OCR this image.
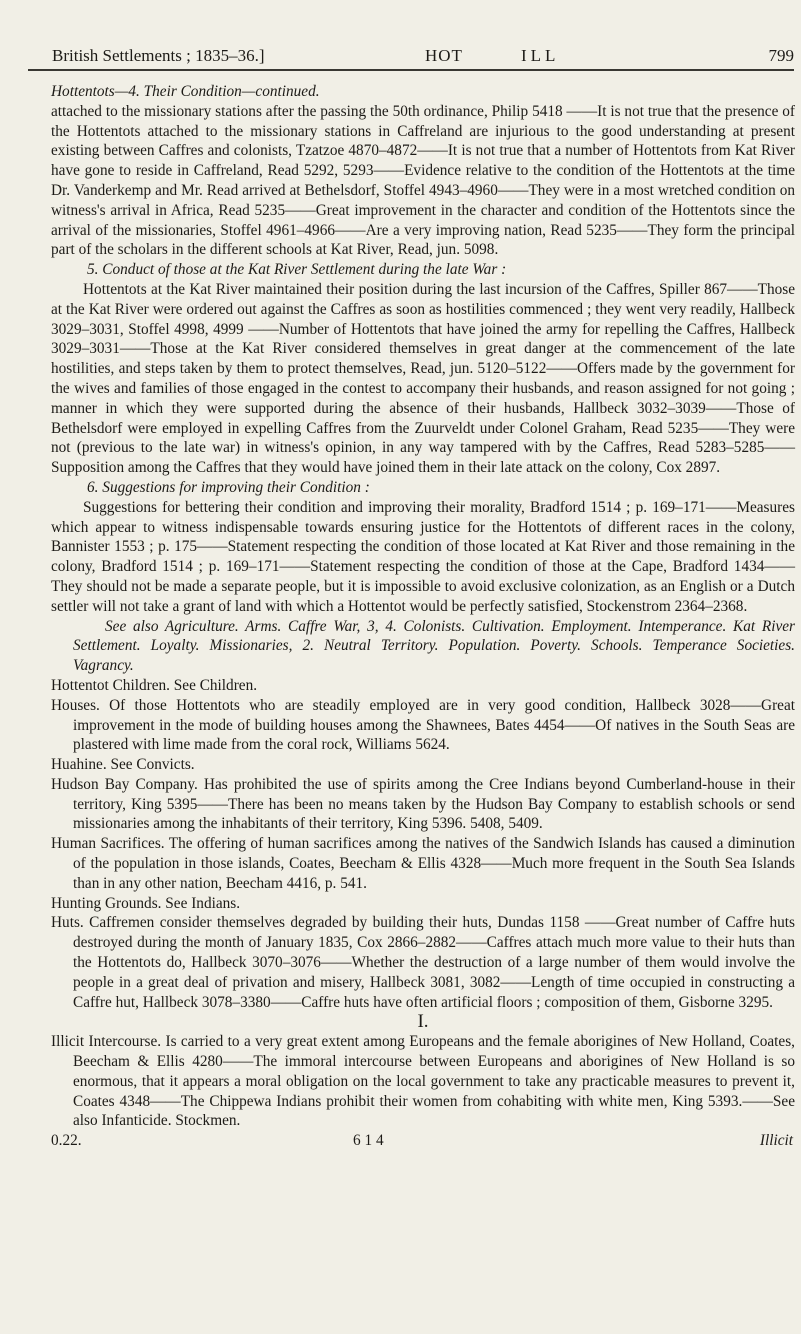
British Settlements ; 1835–36.]	HOT	ILL	799

Hottentots—4. Their Condition—continued.

attached to the missionary stations after the passing the 50th ordinance, Philip 5418 ——It is not true that the presence of the Hottentots attached to the missionary stations in Caffreland are injurious to the good understanding at present existing between Caffres and colonists, Tzatzoe 4870–4872——It is not true that a number of Hottentots from Kat River have gone to reside in Caffreland, Read 5292, 5293——Evidence relative to the condition of the Hottentots at the time Dr. Vanderkemp and Mr. Read arrived at Bethelsdorf, Stoffel 4943–4960——They were in a most wretched condition on witness's arrival in Africa, Read 5235——Great improvement in the character and condition of the Hottentots since the arrival of the missionaries, Stoffel 4961–4966——Are a very improving nation, Read 5235——They form the principal part of the scholars in the different schools at Kat River, Read, jun. 5098.

5. Conduct of those at the Kat River Settlement during the late War :

Hottentots at the Kat River maintained their position during the last incursion of the Caffres, Spiller 867——Those at the Kat River were ordered out against the Caffres as soon as hostilities commenced ; they went very readily, Hallbeck 3029–3031, Stoffel 4998, 4999 ——Number of Hottentots that have joined the army for repelling the Caffres, Hallbeck 3029–3031——Those at the Kat River considered themselves in great danger at the commencement of the late hostilities, and steps taken by them to protect themselves, Read, jun. 5120–5122——Offers made by the government for the wives and families of those engaged in the contest to accompany their husbands, and reason assigned for not going ; manner in which they were supported during the absence of their husbands, Hallbeck 3032–3039——Those of Bethelsdorf were employed in expelling Caffres from the Zuurveldt under Colonel Graham, Read 5235——They were not (previous to the late war) in witness's opinion, in any way tampered with by the Caffres, Read 5283–5285——Supposition among the Caffres that they would have joined them in their late attack on the colony, Cox 2897.

6. Suggestions for improving their Condition :

Suggestions for bettering their condition and improving their morality, Bradford 1514 ; p. 169–171——Measures which appear to witness indispensable towards ensuring justice for the Hottentots of different races in the colony, Bannister 1553 ; p. 175——Statement respecting the condition of those located at Kat River and those remaining in the colony, Bradford 1514 ; p. 169–171——Statement respecting the condition of those at the Cape, Bradford 1434——They should not be made a separate people, but it is impossible to avoid exclusive colonization, as an English or a Dutch settler will not take a grant of land with which a Hottentot would be perfectly satisfied, Stockenstrom 2364–2368.

See also Agriculture. Arms. Caffre War, 3, 4. Colonists. Cultivation. Employment. Intemperance. Kat River Settlement. Loyalty. Missionaries, 2. Neutral Territory. Population. Poverty. Schools. Temperance Societies. Vagrancy.

Hottentot Children. See Children.

Houses. Of those Hottentots who are steadily employed are in very good condition, Hallbeck 3028——Great improvement in the mode of building houses among the Shawnees, Bates 4454——Of natives in the South Seas are plastered with lime made from the coral rock, Williams 5624.

Huahine. See Convicts.

Hudson Bay Company. Has prohibited the use of spirits among the Cree Indians beyond Cumberland-house in their territory, King 5395——There has been no means taken by the Hudson Bay Company to establish schools or send missionaries among the inhabitants of their territory, King 5396. 5408, 5409.

Human Sacrifices. The offering of human sacrifices among the natives of the Sandwich Islands has caused a diminution of the population in those islands, Coates, Beecham & Ellis 4328——Much more frequent in the South Sea Islands than in any other nation, Beecham 4416, p. 541.

Hunting Grounds. See Indians.

Huts. Caffremen consider themselves degraded by building their huts, Dundas 1158 ——Great number of Caffre huts destroyed during the month of January 1835, Cox 2866–2882——Caffres attach much more value to their huts than the Hottentots do, Hallbeck 3070–3076——Whether the destruction of a large number of them would involve the people in a great deal of privation and misery, Hallbeck 3081, 3082——Length of time occupied in constructing a Caffre hut, Hallbeck 3078–3380——Caffre huts have often artificial floors ; composition of them, Gisborne 3295.

I.

Illicit Intercourse. Is carried to a very great extent among Europeans and the female aborigines of New Holland, Coates, Beecham & Ellis 4280——The immoral intercourse between Europeans and aborigines of New Holland is so enormous, that it appears a moral obligation on the local government to take any practicable measures to prevent it, Coates 4348——The Chippewa Indians prohibit their women from cohabiting with white men, King 5393.——See also Infanticide. Stockmen.

0.22.	6 1 4	Illicit
